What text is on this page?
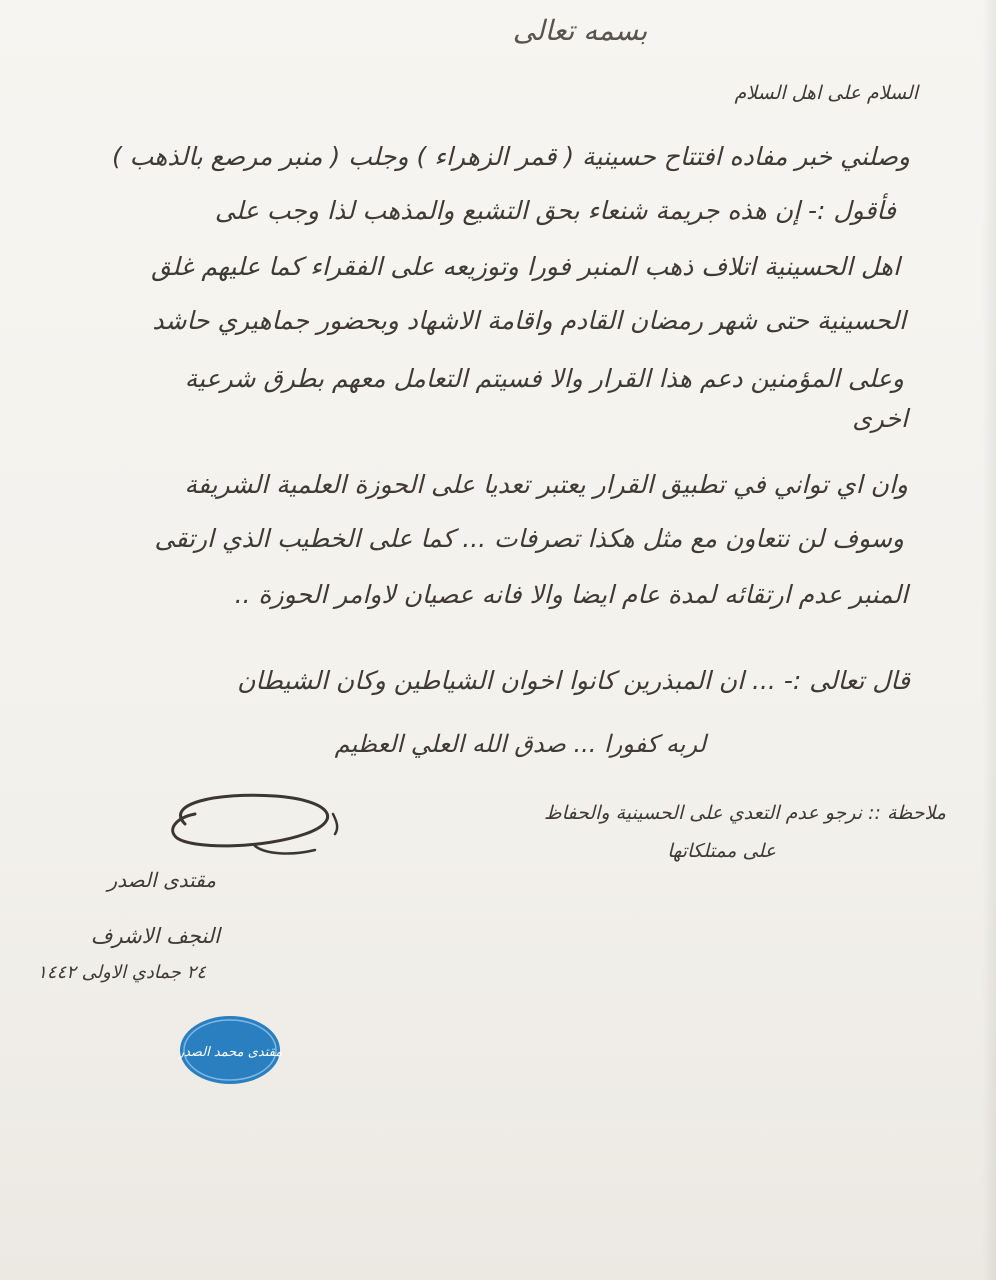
بسمه تعالى
السلام على اهل السلام
وصلني خبر مفاده افتتاح حسينية ( قمر الزهراء ) وجلب ( منبر مرصع بالذهب )
فأقول :- إن هذه جريمة شنعاء بحق التشيع والمذهب لذا وجب على
اهل الحسينية اتلاف ذهب المنبر فورا وتوزيعه على الفقراء كما عليهم غلق
الحسينية حتى شهر رمضان القادم واقامة الاشهاد وبحضور جماهيري حاشد
وعلى المؤمنين دعم هذا القرار والا فسيتم التعامل معهم بطرق شرعية
اخرى
وان اي تواني في تطبيق القرار يعتبر تعديا على الحوزة العلمية الشريفة
وسوف لن نتعاون مع مثل هكذا تصرفات ... كما على الخطيب الذي ارتقى
المنبر عدم ارتقائه لمدة عام ايضا والا فانه عصيان لاوامر الحوزة ..
قال تعالى :- ... ان المبذرين كانوا اخوان الشياطين وكان الشيطان
لربه كفورا ... صدق الله العلي العظيم
ملاحظة :: نرجو عدم التعدي على الحسينية والحفاظ
على ممتلكاتها
مقتدى الصدر
النجف الاشرف
٢٤ جمادي الاولى ١٤٤٢
مقتدى محمد الصدر
